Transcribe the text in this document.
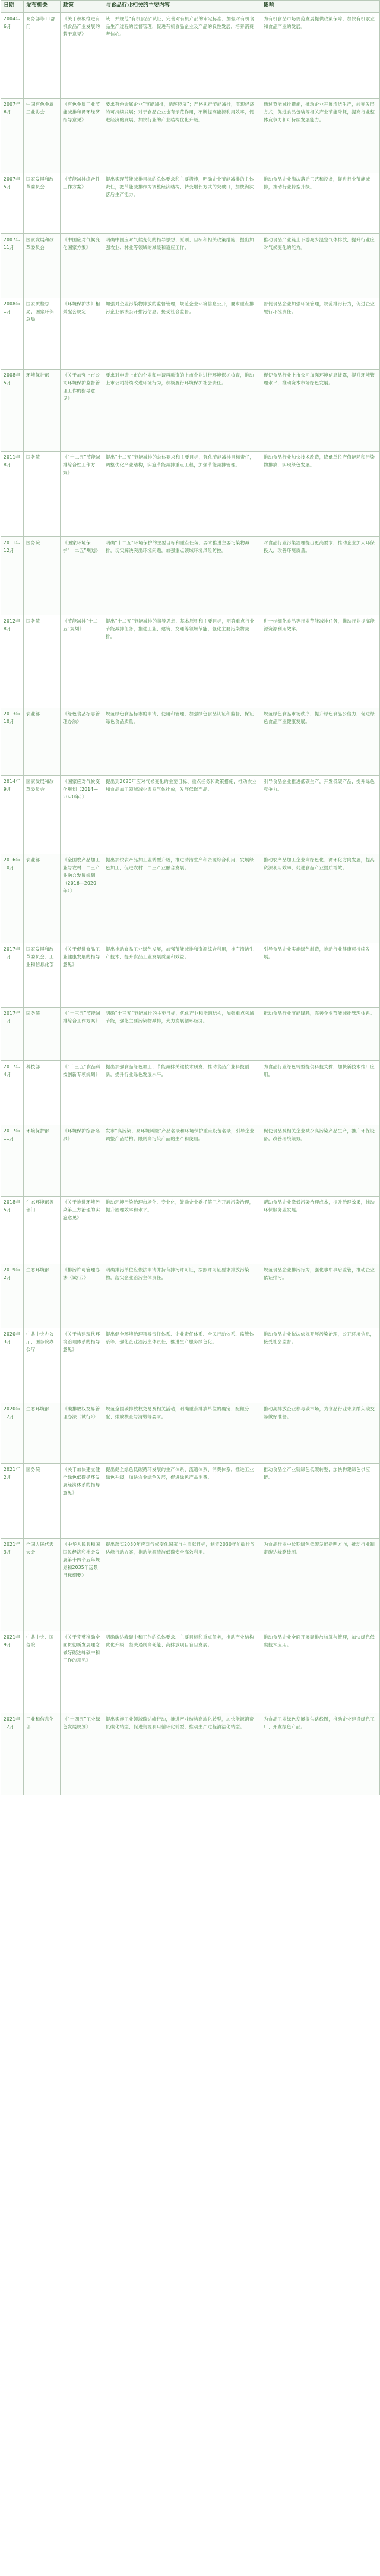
日期	发布机关	政策	与食品行业相关的主要内容	影响
2004年6月	商务部等11部门	《关于积极推进有机食品产业发展的若干意见》	统一并规范“有机食品”认证，完善对有机产品的审定标准，加强对有机食品生产过程的监督管理，促进有机食品企业及产品的良性发展，培养消费者信心。	为有机食品市场规范发展提供政策保障，加快有机农业和食品产业的发展。
2007年6月	中国有色金属工业协会	《有色金属工业节能减排和循环经济指导意见》	要求有色金属企业“节能减排，循环经济”；严格执行节能减排，实现经济的可持续发展；对于食品企业也有示范作用，不断提高能源利用效率，促进经济的发展，加快行业的产业结构优化升级。	通过节能减排措施，推动企业开展清洁生产，转变发展方式；促进食品包装等相关产业节能降耗，提高行业整体竞争力和可持续发展能力。
2007年5月	国家发展和改革委员会	《节能减排综合性工作方案》	提出实现节能减排目标的总体要求和主要措施，明确企业节能减排的主体责任，把节能减排作为调整经济结构、转变增长方式的突破口，加快淘汰落后生产能力。	推动食品企业淘汰落后工艺和设备，促进行业节能减排，推动行业转型升级。
2007年11月	国家发展和改革委员会	《中国应对气候变化国家方案》	明确中国应对气候变化的指导思想、原则、目标和相关政策措施，提出加强农业、林业等领域的减缓和适应工作。	推动食品产业链上下游减少温室气体排放，提升行业应对气候变化的能力。
2008年1月	国家质检总局、国家环保总局	《环境保护法》相关配套规定	加强对企业污染物排放的监督管理，规范企业环境信息公开，要求重点排污企业依法公开排污信息，接受社会监督。	督促食品企业加强环境管理，规范排污行为，促进企业履行环境责任。
2008年5月	环境保护部	《关于加强上市公司环境保护监督管理工作的指导意见》	要求对申请上市的企业和申请再融资的上市企业进行环境保护核查，推动上市公司持续改进环境行为，积极履行环境保护社会责任。	促使食品行业上市公司加强环境信息披露，提升环境管理水平，推动资本市场绿色发展。
2011年8月	国务院	《“十二五”节能减排综合性工作方案》	提出“十二五”节能减排的总体要求和主要目标，强化节能减排目标责任，调整优化产业结构，实施节能减排重点工程，加强节能减排管理。	推动食品行业加快技术改造，降低单位产值能耗和污染物排放，实现绿色发展。
2011年12月	国务院	《国家环境保护“十二五”规划》	明确“十二五”环境保护的主要目标和重点任务，要求推进主要污染物减排，切实解决突出环境问题，加强重点领域环境风险防控。	对食品行业污染治理提出更高要求，推动企业加大环保投入，改善环境质量。
2012年8月	国务院	《节能减排“十二五”规划》	提出“十二五”节能减排的指导思想、基本原则和主要目标，明确重点行业节能减排任务，推进工业、建筑、交通等领域节能，强化主要污染物减排。	进一步细化食品等行业节能减排任务，推动行业提高能源资源利用效率。
2013年10月	农业部	《绿色食品标志管理办法》	规范绿色食品标志的申请、使用和管理，加强绿色食品认证和监督，保证绿色食品质量。	规范绿色食品市场秩序，提升绿色食品公信力，促进绿色食品产业健康发展。
2014年9月	国家发展和改革委员会	《国家应对气候变化规划（2014—2020年）》	提出到2020年应对气候变化的主要目标、重点任务和政策措施，推动农业和食品加工领域减少温室气体排放，发展低碳产品。	引导食品企业推进低碳生产，开发低碳产品，提升绿色竞争力。
2016年10月	农业部	《全国农产品加工业与农村一二三产业融合发展规划（2016—2020年）》	提出加快农产品加工业转型升级，推进清洁生产和资源综合利用，发展绿色加工，促进农村一二三产业融合发展。	推动农产品加工企业向绿色化、循环化方向发展，提高资源利用效率，促进食品产业提质增效。
2017年1月	国家发展和改革委员会、工业和信息化部	《关于促进食品工业健康发展的指导意见》	提出推动食品工业绿色发展，加强节能减排和资源综合利用，推广清洁生产技术，提升食品工业发展质量和效益。	引导食品企业实施绿色制造，推动行业健康可持续发展。
2017年1月	国务院	《“十三五”节能减排综合工作方案》	明确“十三五”节能减排的主要目标，优化产业和能源结构，加强重点领域节能，强化主要污染物减排，大力发展循环经济。	推动食品行业节能降耗，完善企业节能减排管理体系。
2017年4月	科技部	《“十三五”食品科技创新专项规划》	提出加强食品绿色加工、节能减排关键技术研发，推动食品产业科技创新，提升行业绿色发展水平。	为食品行业绿色转型提供科技支撑，加快新技术推广应用。
2017年11月	环境保护部	《环境保护综合名录》	发布“高污染、高环境风险”产品名录和环境保护重点设备名录，引导企业调整产品结构，限制高污染产品的生产和使用。	促使食品及相关企业减少高污染产品生产，推广环保设备，改善环境绩效。
2018年5月	生态环境部等部门	《关于推进环境污染第三方治理的实施意见》	推动环境污染治理市场化、专业化，鼓励企业委托第三方开展污染治理，提升治理效率和水平。	帮助食品企业降低污染治理成本，提升治理效果，推动环保服务业发展。
2019年2月	生态环境部	《排污许可管理办法（试行）》	明确排污单位应依法申请并持有排污许可证，按照许可证要求排放污染物，落实企业治污主体责任。	规范食品企业排污行为，强化事中事后监管，推动企业依证排污。
2020年3月	中共中央办公厅、国务院办公厅	《关于构建现代环境治理体系的指导意见》	提出健全环境治理领导责任体系、企业责任体系、全民行动体系、监管体系等，强化企业治污主体责任，推进生产服务绿色化。	推动食品企业依法依规开展污染治理，公开环境信息，接受社会监督。
2020年12月	生态环境部	《碳排放权交易管理办法（试行）》	规范全国碳排放权交易及相关活动，明确重点排放单位的确定、配额分配、排放核查与清缴等要求。	推动高排放企业参与碳市场，为食品行业未来纳入碳交易做好准备。
2021年2月	国务院	《关于加快建立健全绿色低碳循环发展经济体系的指导意见》	提出健全绿色低碳循环发展的生产体系、流通体系、消费体系，推进工业绿色升级，加快农业绿色发展，促进绿色产品消费。	推动食品全产业链绿色低碳转型，加快构建绿色供应链。
2021年3月	全国人民代表大会	《中华人民共和国国民经济和社会发展第十四个五年规划和2035年远景目标纲要》	提出落实2030年应对气候变化国家自主贡献目标，制定2030年前碳排放达峰行动方案，推动能源清洁低碳安全高效利用。	为食品行业中长期绿色低碳发展指明方向，推动行业制定碳达峰路线图。
2021年9月	中共中央、国务院	《关于完整准确全面贯彻新发展理念做好碳达峰碳中和工作的意见》	明确碳达峰碳中和工作的总体要求、主要目标和重点任务，推动产业结构优化升级，坚决遏制高耗能、高排放项目盲目发展。	推动食品企业全面开展碳排放核算与管理，加快绿色低碳技术应用。
2021年12月	工业和信息化部	《“十四五”工业绿色发展规划》	提出实施工业领域碳达峰行动，推进产业结构高端化转型，加快能源消费低碳化转型，促进资源利用循环化转型，推动生产过程清洁化转型。	为食品工业绿色发展提供路线图，推动企业建设绿色工厂、开发绿色产品。
